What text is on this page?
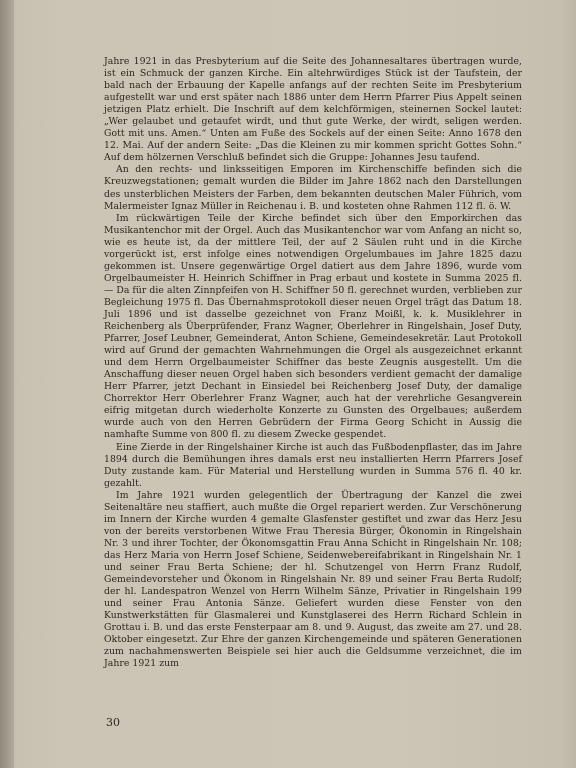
Jahre 1921 in das Presbyterium auf die Seite des Johannesaltares übertragen wurde, ist ein Schmuck der ganzen Kirche. Ein altehrwürdiges Stück ist der Taufstein, der bald nach der Erbauung der Kapelle anfangs auf der rechten Seite im Presbyterium aufgestellt war und erst später nach 1886 unter dem Herrn Pfarrer Pius Appelt seinen jetzigen Platz erhielt. Die Inschrift auf dem kelchförmigen, steinernen Sockel lautet: „Wer gelaubet und getaufet wirdt, und thut gute Werke, der wirdt, seligen werden. Gott mit uns. Amen.“ Unten am Fuße des Sockels auf der einen Seite: Anno 1678 den 12. Mai. Auf der andern Seite: „Das die Kleinen zu mir kommen spricht Gottes Sohn.“ Auf dem hölzernen Verschluß befindet sich die Gruppe: Johannes Jesu taufend.

An den rechts- und linksseitigen Emporen im Kirchenschiffe befinden sich die Kreuzwegstationen; gemalt wurden die Bilder im Jahre 1862 nach den Darstellungen des unsterblichen Meisters der Farben, dem bekannten deutschen Maler Führich, vom Malermeister Ignaz Müller in Reichenau i. B. und kosteten ohne Rahmen 112 fl. ö. W.

Im rückwärtigen Teile der Kirche befindet sich über den Emporkirchen das Musikantenchor mit der Orgel. Auch das Musikantenchor war vom Anfang an nicht so, wie es heute ist, da der mittlere Teil, der auf 2 Säulen ruht und in die Kirche vorgerückt ist, erst infolge eines notwendigen Orgelumbaues im Jahre 1825 dazu gekommen ist. Unsere gegenwärtige Orgel datiert aus dem Jahre 1896, wurde vom Orgelbaumeister H. Heinrich Schiffner in Prag erbaut und kostete in Summa 2025 fl. — Da für die alten Zinnpfeifen von H. Schiffner 50 fl. gerechnet wurden, verblieben zur Begleichung 1975 fl. Das Übernahmsprotokoll dieser neuen Orgel trägt das Datum 18. Juli 1896 und ist dasselbe gezeichnet von Franz Moißl, k. k. Musiklehrer in Reichenberg als Überprüfender, Franz Wagner, Oberlehrer in Ringelshain, Josef Duty, Pfarrer, Josef Leubner, Gemeinderat, Anton Schiene, Gemeindesekretär. Laut Protokoll wird auf Grund der gemachten Wahrnehmungen die Orgel als ausgezeichnet erkannt und dem Herrn Orgelbaumeister Schiffner das beste Zeugnis ausgestellt. Um die Anschaffung dieser neuen Orgel haben sich besonders verdient gemacht der damalige Herr Pfarrer, jetzt Dechant in Einsiedel bei Reichenberg Josef Duty, der damalige Chorrektor Herr Oberlehrer Franz Wagner, auch hat der verehrliche Gesangverein eifrig mitgetan durch wiederholte Konzerte zu Gunsten des Orgelbaues; außerdem wurde auch von den Herren Gebrüdern der Firma Georg Schicht in Aussig die namhafte Summe von 800 fl. zu diesem Zwecke gespendet.

Eine Zierde in der Ringelshainer Kirche ist auch das Fußbodenpflaster, das im Jahre 1894 durch die Bemühungen ihres damals erst neu installierten Herrn Pfarrers Josef Duty zustande kam. Für Material und Herstellung wurden in Summa 576 fl. 40 kr. gezahlt.

Im Jahre 1921 wurden gelegentlich der Übertragung der Kanzel die zwei Seitenaltäre neu staffiert, auch mußte die Orgel repariert werden. Zur Verschönerung im Innern der Kirche wurden 4 gemalte Glasfenster gestiftet und zwar das Herz Jesu von der bereits verstorbenen Witwe Frau Theresia Bürger, Ökonomin in Ringelshain Nr. 3 und ihrer Tochter, der Ökonomsgattin Frau Anna Schicht in Ringelshain Nr. 108; das Herz Maria von Herrn Josef Schiene, Seidenwebereifabrikant in Ringelshain Nr. 1 und seiner Frau Berta Schiene; der hl. Schutzengel von Herrn Franz Rudolf, Gemeindevorsteher und Ökonom in Ringelshain Nr. 89 und seiner Frau Berta Rudolf; der hl. Landespatron Wenzel von Herrn Wilhelm Sänze, Privatier in Ringelshain 199 und seiner Frau Antonia Sänze. Geliefert wurden diese Fenster von den Kunstwerkstätten für Glasmalerei und Kunstglaserei des Herrn Richard Schlein in Grottau i. B. und das erste Fensterpaar am 8. und 9. August, das zweite am 27. und 28. Oktober eingesetzt. Zur Ehre der ganzen Kirchengemeinde und späteren Generationen zum nachahmenswerten Beispiele sei hier auch die Geldsumme verzeichnet, die im Jahre 1921 zum

30
